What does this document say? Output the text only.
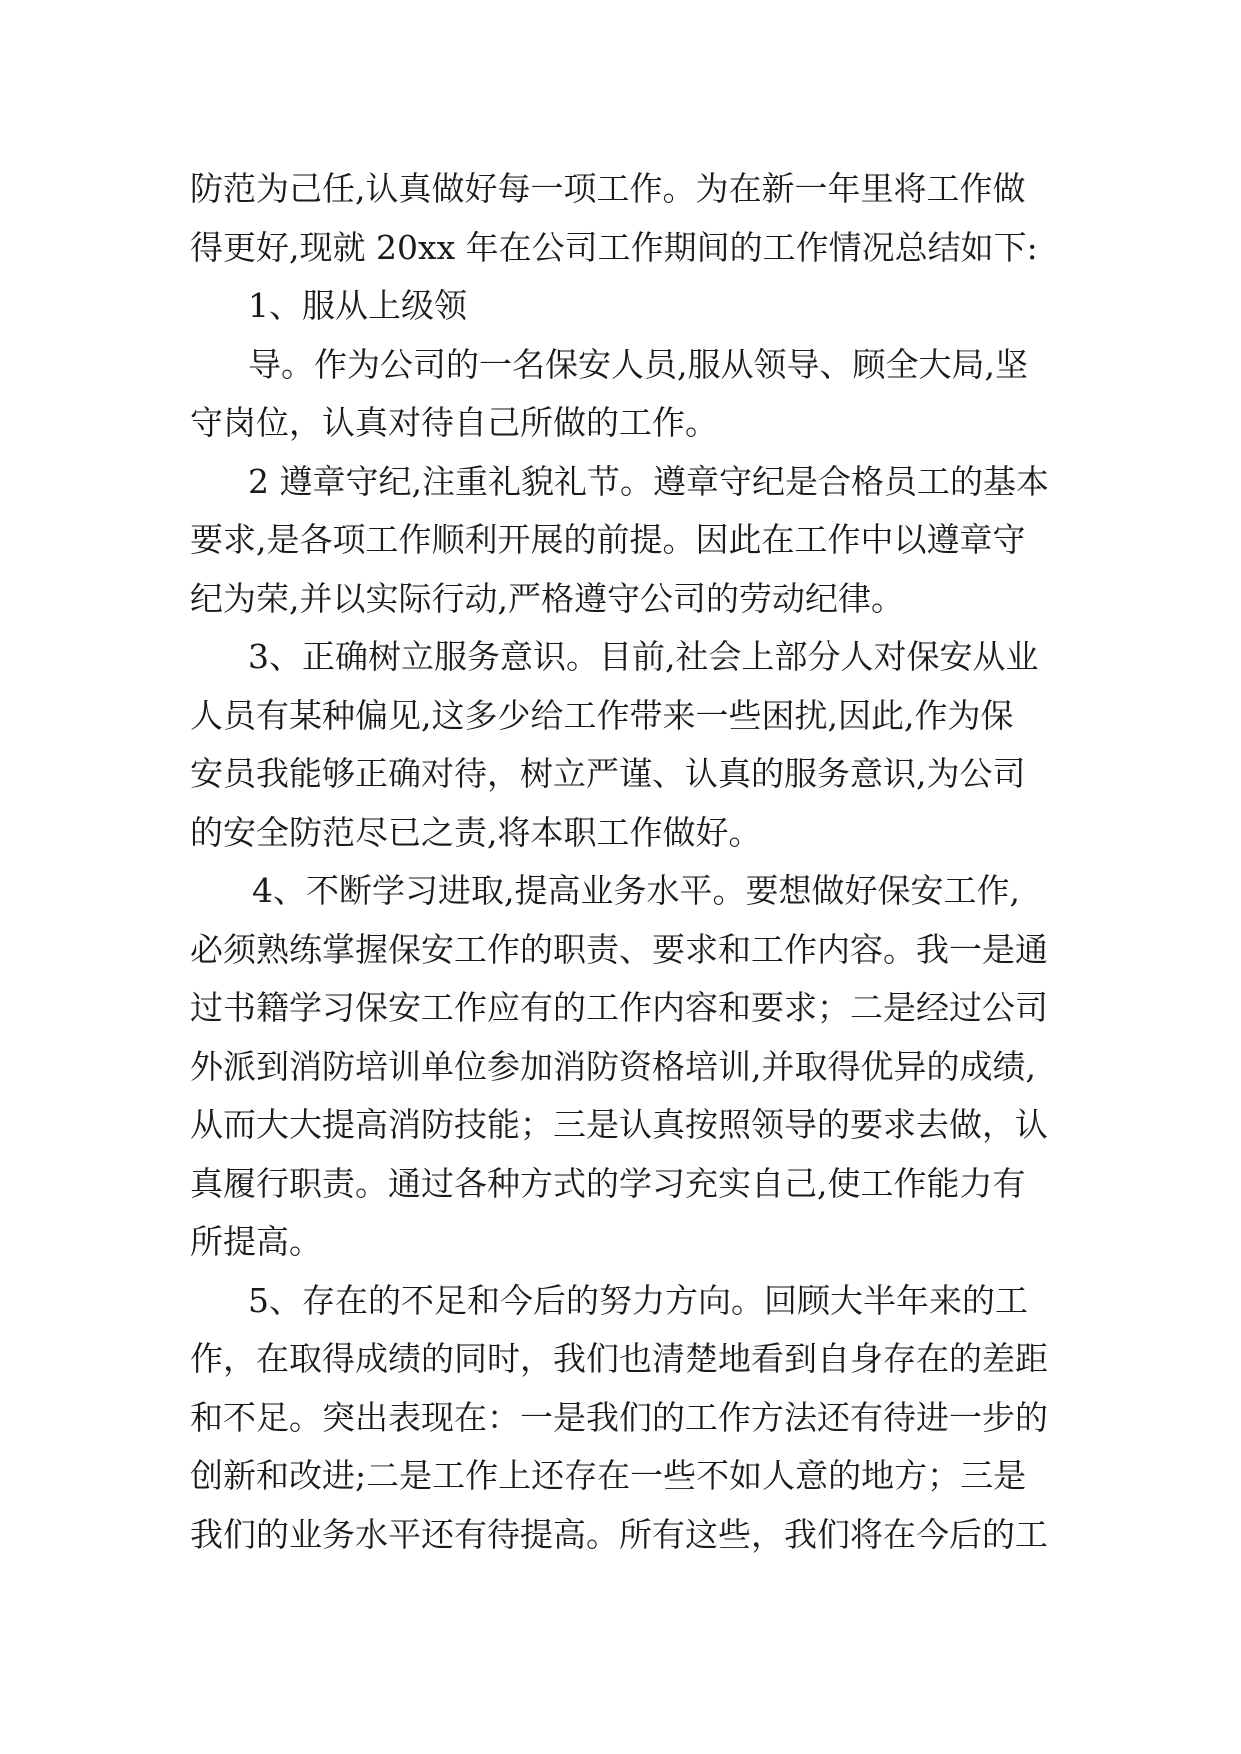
防范为己任,认真做好每一项工作。为在新一年里将工作做
得更好,现就 20xx 年在公司工作期间的工作情况总结如下:
1、服从上级领
导。作为公司的一名保安人员,服从领导、顾全大局,坚
守岗位，认真对待自己所做的工作。
2 遵章守纪,注重礼貌礼节。遵章守纪是合格员工的基本
要求,是各项工作顺利开展的前提。因此在工作中以遵章守
纪为荣,并以实际行动,严格遵守公司的劳动纪律。
3、正确树立服务意识。目前,社会上部分人对保安从业
人员有某种偏见,这多少给工作带来一些困扰,因此,作为保
安员我能够正确对待，树立严谨、认真的服务意识,为公司
的安全防范尽已之责,将本职工作做好。
4、不断学习进取,提高业务水平。要想做好保安工作,
必须熟练掌握保安工作的职责、要求和工作内容。我一是通
过书籍学习保安工作应有的工作内容和要求；二是经过公司
外派到消防培训单位参加消防资格培训,并取得优异的成绩,
从而大大提高消防技能；三是认真按照领导的要求去做，认
真履行职责。通过各种方式的学习充实自己,使工作能力有
所提高。
5、存在的不足和今后的努力方向。回顾大半年来的工
作，在取得成绩的同时，我们也清楚地看到自身存在的差距
和不足。突出表现在：一是我们的工作方法还有待进一步的
创新和改进;二是工作上还存在一些不如人意的地方；三是
我们的业务水平还有待提高。所有这些，我们将在今后的工
